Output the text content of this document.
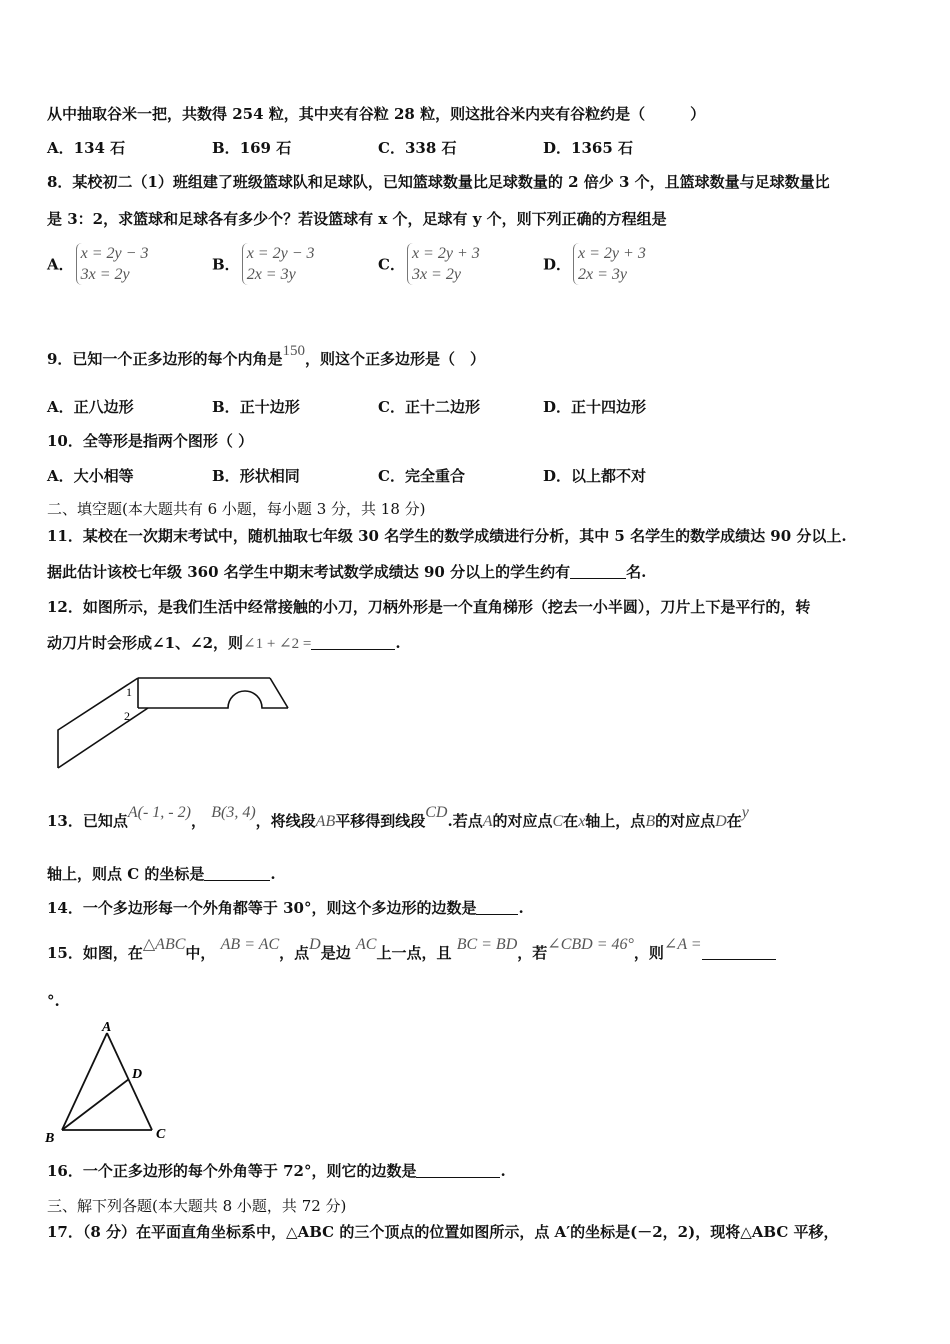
从中抽取谷米一把，共数得 254 粒，其中夹有谷粒 28 粒，则这批谷米内夹有谷粒约是（　　　）
A．134 石	B．169 石	C．338 石	D．1365 石
8．某校初二（1）班组建了班级篮球队和足球队，已知篮球数量比足球数量的 2 倍少 3 个，且篮球数量与足球数量比
是 3：2，求篮球和足球各有多少个？若设篮球有 x 个，足球有 y 个，则下列正确的方程组是
A．x = 2y − 3
3x = 2y
B．x = 2y − 3
2x = 3y
C．x = 2y + 3
3x = 2y
D．x = 2y + 3
2x = 3y
9．已知一个正多边形的每个内角是150，则这个正多边形是（　）
A．正八边形	B．正十边形	C．正十二边形	D．正十四边形
10．全等形是指两个图形（ ）
A．大小相等	B．形状相同	C．完全重合	D．以上都不对
二、填空题(本大题共有 6 小题，每小题 3 分，共 18 分)
11．某校在一次期末考试中，随机抽取七年级 30 名学生的数学成绩进行分析，其中 5 名学生的数学成绩达 90 分以上.
据此估计该校七年级 360 名学生中期末考试数学成绩达 90 分以上的学生约有	名.
12．如图所示，是我们生活中经常接触的小刀，刀柄外形是一个直角梯形（挖去一小半圆），刀片上下是平行的，转
动刀片时会形成∠1、∠2，则∠1 + ∠2 =	.
1
2
13．已知点A(- 1, - 2)， B(3, 4)，将线段AB平移得到线段CD.若点A的对应点C在x轴上，点B的对应点D在y
轴上，则点 C 的坐标是	.
14．一个多边形每一个外角都等于 30°，则这个多边形的边数是	.
15．如图，在△ABC中， AB = AC，点D是边 AC上一点，且 BC = BD，若∠CBD = 46°，则∠A =
°.
A
B	C
D
16．一个正多边形的每个外角等于 72°，则它的边数是	.
三、解下列各题(本大题共 8 小题，共 72 分)
17．（8 分）在平面直角坐标系中，△ABC 的三个顶点的位置如图所示，点 A′的坐标是(－2，2)，现将△ABC 平移，
